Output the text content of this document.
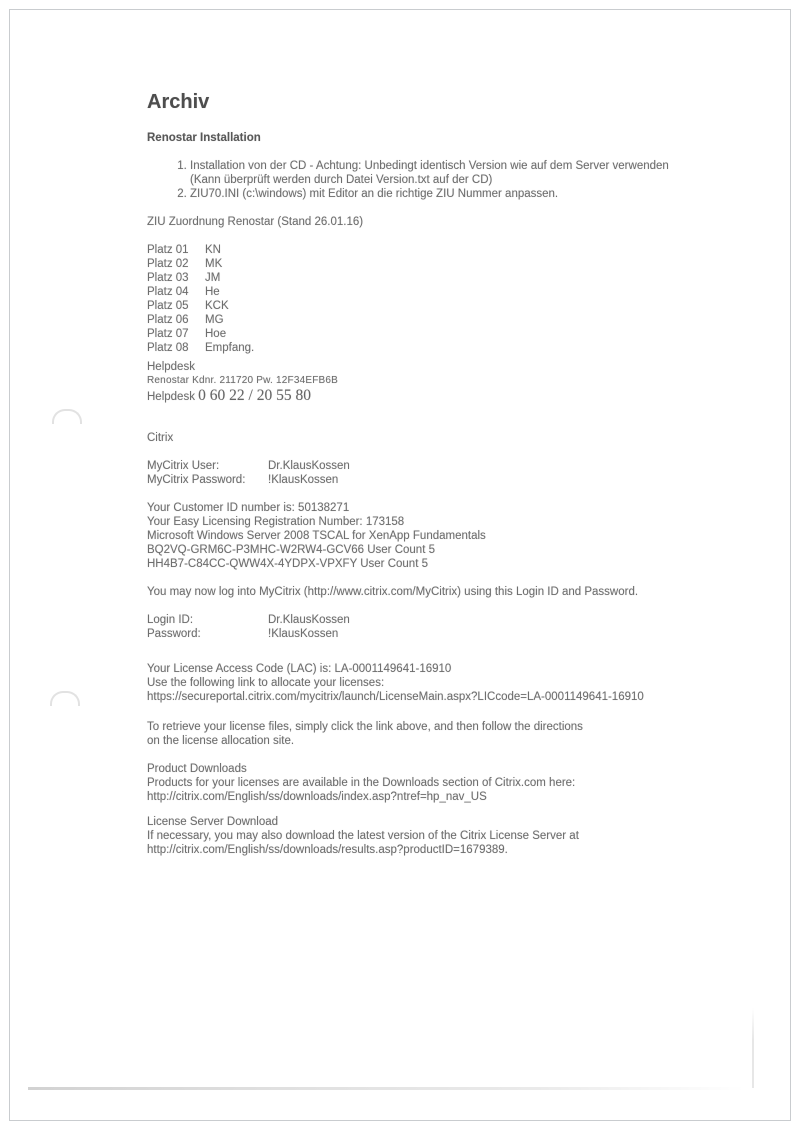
Archiv
Renostar Installation
1. Installation von der CD - Achtung: Unbedingt identisch Version wie auf dem Server verwenden
(Kann überprüft werden durch Datei Version.txt auf der CD)
2. ZIU70.INI (c:\windows) mit Editor an die richtige ZIU Nummer anpassen.
ZIU Zuordnung Renostar (Stand 26.01.16)
Platz 01	KN
Platz 02	MK
Platz 03	JM
Platz 04	He
Platz 05	KCK
Platz 06	MG
Platz 07	Hoe
Platz 08	Empfang.
Helpdesk
Renostar Kdnr. 211720 Pw. 12F34EFB6B
Helpdesk 0 60 22 / 20 55 80
Citrix
MyCitrix User:	Dr.KlausKossen
MyCitrix Password:	!KlausKossen
Your Customer ID number is: 50138271
Your Easy Licensing Registration Number: 173158
Microsoft Windows Server 2008 TSCAL for XenApp Fundamentals
BQ2VQ-GRM6C-P3MHC-W2RW4-GCV66 User Count 5
HH4B7-C84CC-QWW4X-4YDPX-VPXFY User Count 5
You may now log into MyCitrix (http://www.citrix.com/MyCitrix) using this Login ID and Password.
Login ID:	Dr.KlausKossen
Password:	!KlausKossen
Your License Access Code (LAC) is: LA-0001149641-16910
Use the following link to allocate your licenses:
https://secureportal.citrix.com/mycitrix/launch/LicenseMain.aspx?LICcode=LA-0001149641-16910
To retrieve your license files, simply click the link above, and then follow the directions
on the license allocation site.
Product Downloads
Products for your licenses are available in the Downloads section of Citrix.com here:
http://citrix.com/English/ss/downloads/index.asp?ntref=hp_nav_US
License Server Download
If necessary, you may also download the latest version of the Citrix License Server at
http://citrix.com/English/ss/downloads/results.asp?productID=1679389.
